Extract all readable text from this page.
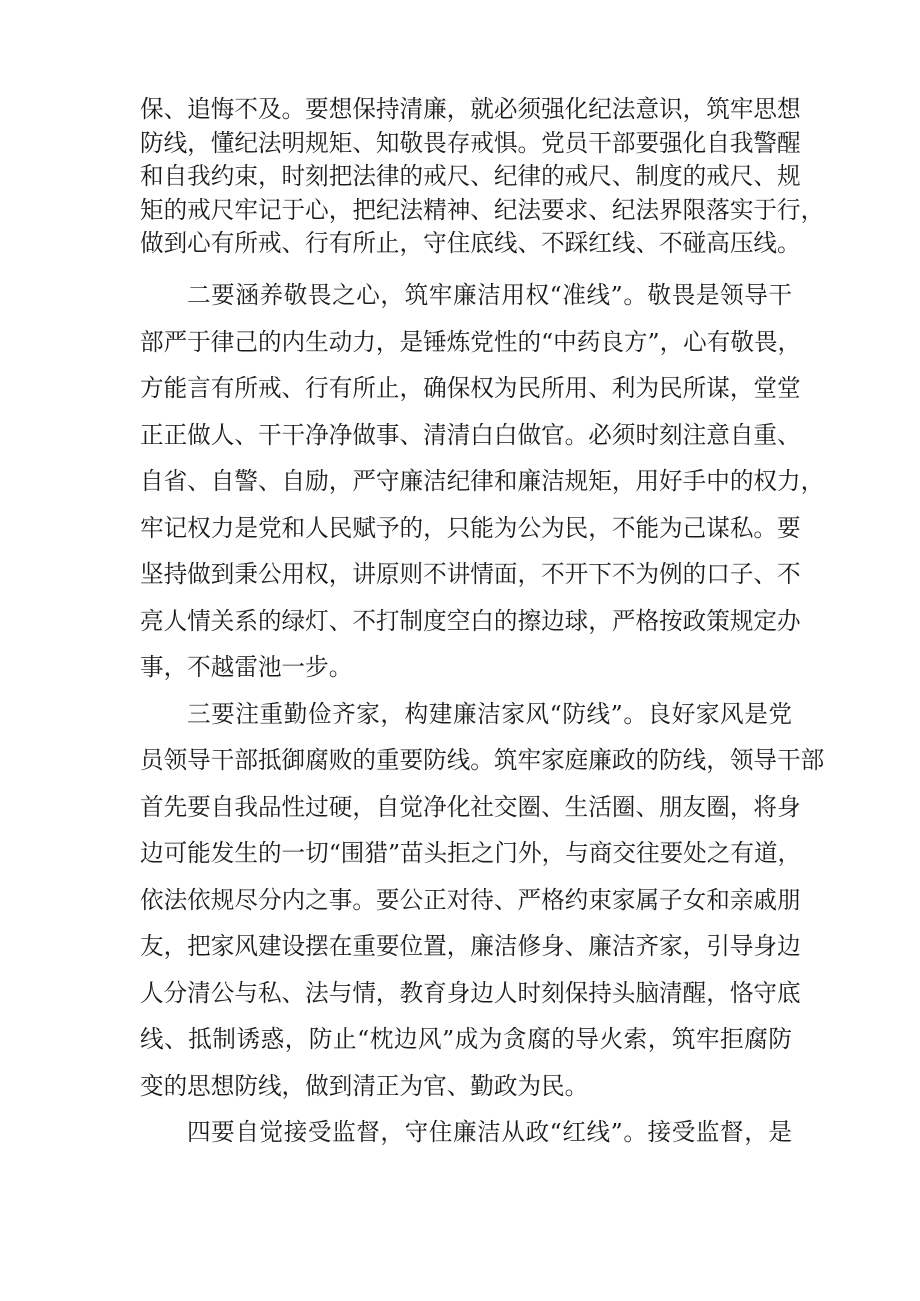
保、追悔不及。要想保持清廉，就必须强化纪法意识，筑牢思想
防线，懂纪法明规矩、知敬畏存戒惧。党员干部要强化自我警醒
和自我约束，时刻把法律的戒尺、纪律的戒尺、制度的戒尺、规
矩的戒尺牢记于心，把纪法精神、纪法要求、纪法界限落实于行，
做到心有所戒、行有所止，守住底线、不踩红线、不碰高压线。
二要涵养敬畏之心，筑牢廉洁用权“准线”。敬畏是领导干
部严于律己的内生动力，是锤炼党性的“中药良方”，心有敬畏，
方能言有所戒、行有所止，确保权为民所用、利为民所谋，堂堂
正正做人、干干净净做事、清清白白做官。必须时刻注意自重、
自省、自警、自励，严守廉洁纪律和廉洁规矩，用好手中的权力，
牢记权力是党和人民赋予的，只能为公为民，不能为己谋私。要
坚持做到秉公用权，讲原则不讲情面，不开下不为例的口子、不
亮人情关系的绿灯、不打制度空白的擦边球，严格按政策规定办
事，不越雷池一步。
三要注重勤俭齐家，构建廉洁家风“防线”。良好家风是党
员领导干部抵御腐败的重要防线。筑牢家庭廉政的防线，领导干部
首先要自我品性过硬，自觉净化社交圈、生活圈、朋友圈，将身
边可能发生的一切“围猎”苗头拒之门外，与商交往要处之有道，
依法依规尽分内之事。要公正对待、严格约束家属子女和亲戚朋
友，把家风建设摆在重要位置，廉洁修身、廉洁齐家，引导身边
人分清公与私、法与情，教育身边人时刻保持头脑清醒，恪守底
线、抵制诱惑，防止“枕边风”成为贪腐的导火索，筑牢拒腐防
变的思想防线，做到清正为官、勤政为民。
四要自觉接受监督，守住廉洁从政“红线”。接受监督，是
